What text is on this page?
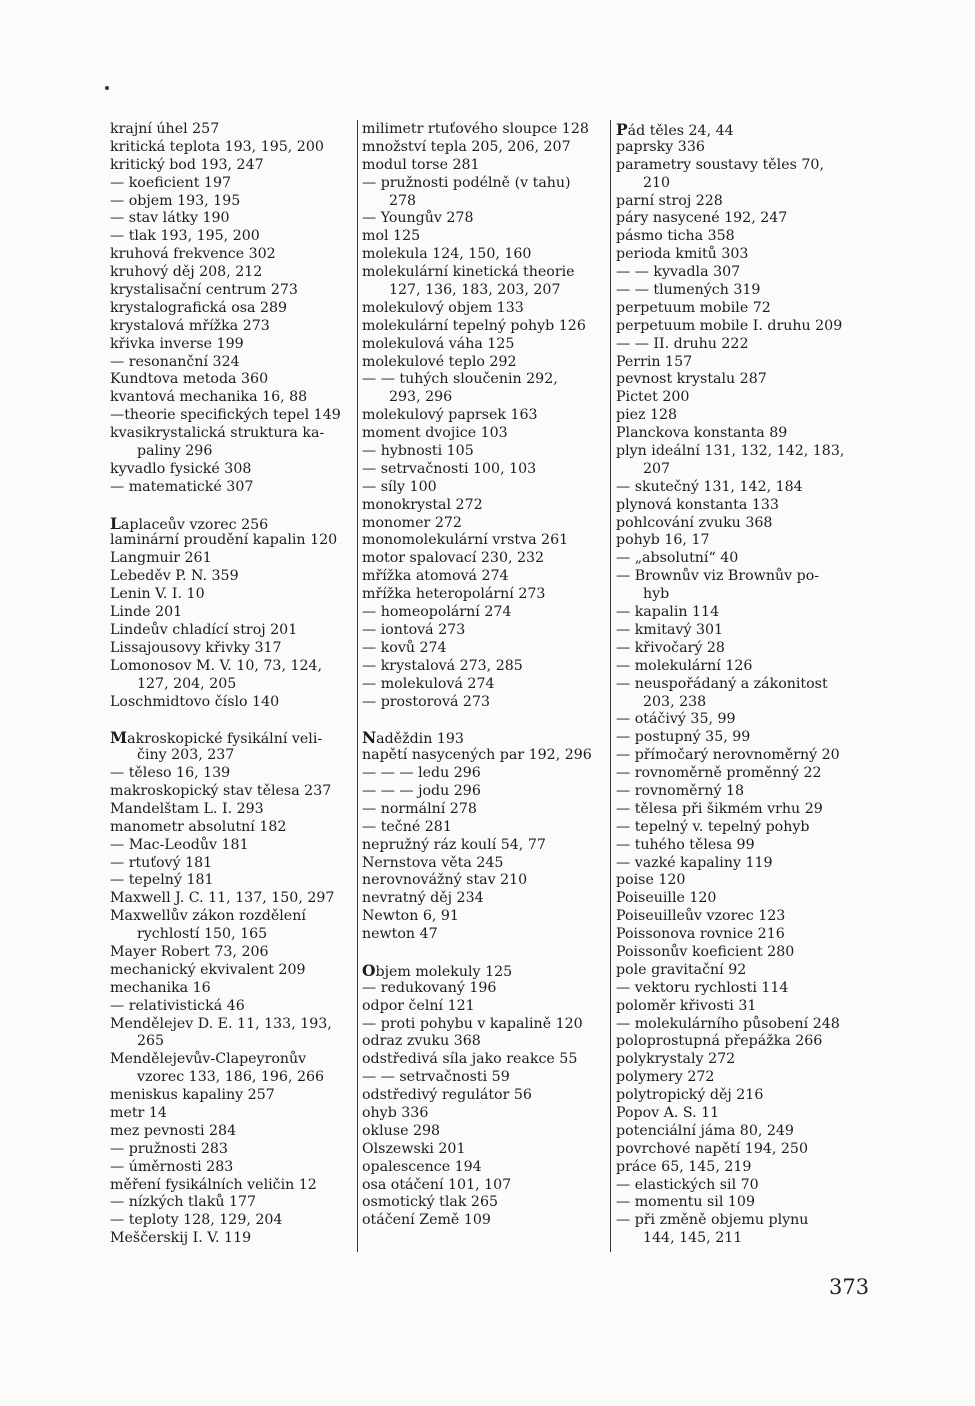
krajní úhel 257
kritická teplota 193, 195, 200
kritický bod 193, 247
— koeficient 197
— objem 193, 195
— stav látky 190
— tlak 193, 195, 200
kruhová frekvence 302
kruhový děj 208, 212
krystalisační centrum 273
krystalografická osa 289
krystalová mřížka 273
křivka inverse 199
— resonanční 324
Kundtova metoda 360
kvantová mechanika 16, 88
—theorie specifických tepel 149
kvasikrystalická struktura ka-
paliny 296
kyvadlo fysické 308
— matematické 307
Laplaceův vzorec 256
laminární proudění kapalin 120
Langmuir 261
Lebeděv P. N. 359
Lenin V. I. 10
Linde 201
Lindeův chladící stroj 201
Lissajousovy křivky 317
Lomonosov M. V. 10, 73, 124,
127, 204, 205
Loschmidtovo číslo 140
Makroskopické fysikální veli-
činy 203, 237
— těleso 16, 139
makroskopický stav tělesa 237
Mandelštam L. I. 293
manometr absolutní 182
— Mac-Leodův 181
— rtuťový 181
— tepelný 181
Maxwell J. C. 11, 137, 150, 297
Maxwellův zákon rozdělení
rychlostí 150, 165
Mayer Robert 73, 206
mechanický ekvivalent 209
mechanika 16
— relativistická 46
Mendělejev D. E. 11, 133, 193,
265
Mendělejevův-Clapeyronův
vzorec 133, 186, 196, 266
meniskus kapaliny 257
metr 14
mez pevnosti 284
— pružnosti 283
— úměrnosti 283
měření fysikálních veličin 12
— nízkých tlaků 177
— teploty 128, 129, 204
Meščerskij I. V. 119
milimetr rtuťového sloupce 128
množství tepla 205, 206, 207
modul torse 281
— pružnosti podélně (v tahu)
278
— Youngův 278
mol 125
molekula 124, 150, 160
molekulární kinetická theorie
127, 136, 183, 203, 207
molekulový objem 133
molekulární tepelný pohyb 126
molekulová váha 125
molekulové teplo 292
— — tuhých sloučenin 292,
293, 296
molekulový paprsek 163
moment dvojice 103
— hybnosti 105
— setrvačnosti 100, 103
— síly 100
monokrystal 272
monomer 272
monomolekulární vrstva 261
motor spalovací 230, 232
mřížka atomová 274
mřížka heteropolární 273
— homeopolární 274
— iontová 273
— kovů 274
— krystalová 273, 285
— molekulová 274
— prostorová 273
Naděždin 193
napětí nasycených par 192, 296
— — — ledu 296
— — — jodu 296
— normální 278
— tečné 281
nepružný ráz koulí 54, 77
Nernstova věta 245
nerovnovážný stav 210
nevratný děj 234
Newton 6, 91
newton 47
Objem molekuly 125
— redukovaný 196
odpor čelní 121
— proti pohybu v kapalině 120
odraz zvuku 368
odstředivá síla jako reakce 55
— — setrvačnosti 59
odstředivý regulátor 56
ohyb 336
okluse 298
Olszewski 201
opalescence 194
osa otáčení 101, 107
osmotický tlak 265
otáčení Země 109
Pád těles 24, 44
paprsky 336
parametry soustavy těles 70,
210
parní stroj 228
páry nasycené 192, 247
pásmo ticha 358
perioda kmitů 303
— — kyvadla 307
— — tlumených 319
perpetuum mobile 72
perpetuum mobile I. druhu 209
— — II. druhu 222
Perrin 157
pevnost krystalu 287
Pictet 200
piez 128
Planckova konstanta 89
plyn ideální 131, 132, 142, 183,
207
— skutečný 131, 142, 184
plynová konstanta 133
pohlcování zvuku 368
pohyb 16, 17
— „absolutní“ 40
— Brownův viz Brownův po-
hyb
— kapalin 114
— kmitavý 301
— křivočarý 28
— molekulární 126
— neuspořádaný a zákonitost
203, 238
— otáčivý 35, 99
— postupný 35, 99
— přímočarý nerovnoměrný 20
— rovnoměrně proměnný 22
— rovnoměrný 18
— tělesa při šikmém vrhu 29
— tepelný v. tepelný pohyb
— tuhého tělesa 99
— vazké kapaliny 119
poise 120
Poiseuille 120
Poiseuilleův vzorec 123
Poissonova rovnice 216
Poissonův koeficient 280
pole gravitační 92
— vektoru rychlosti 114
poloměr křivosti 31
— molekulárního působení 248
poloprostupná přepážka 266
polykrystaly 272
polymery 272
polytropický děj 216
Popov A. S. 11
potenciální jáma 80, 249
povrchové napětí 194, 250
práce 65, 145, 219
— elastických sil 70
— momentu sil 109
— při změně objemu plynu
144, 145, 211
373
